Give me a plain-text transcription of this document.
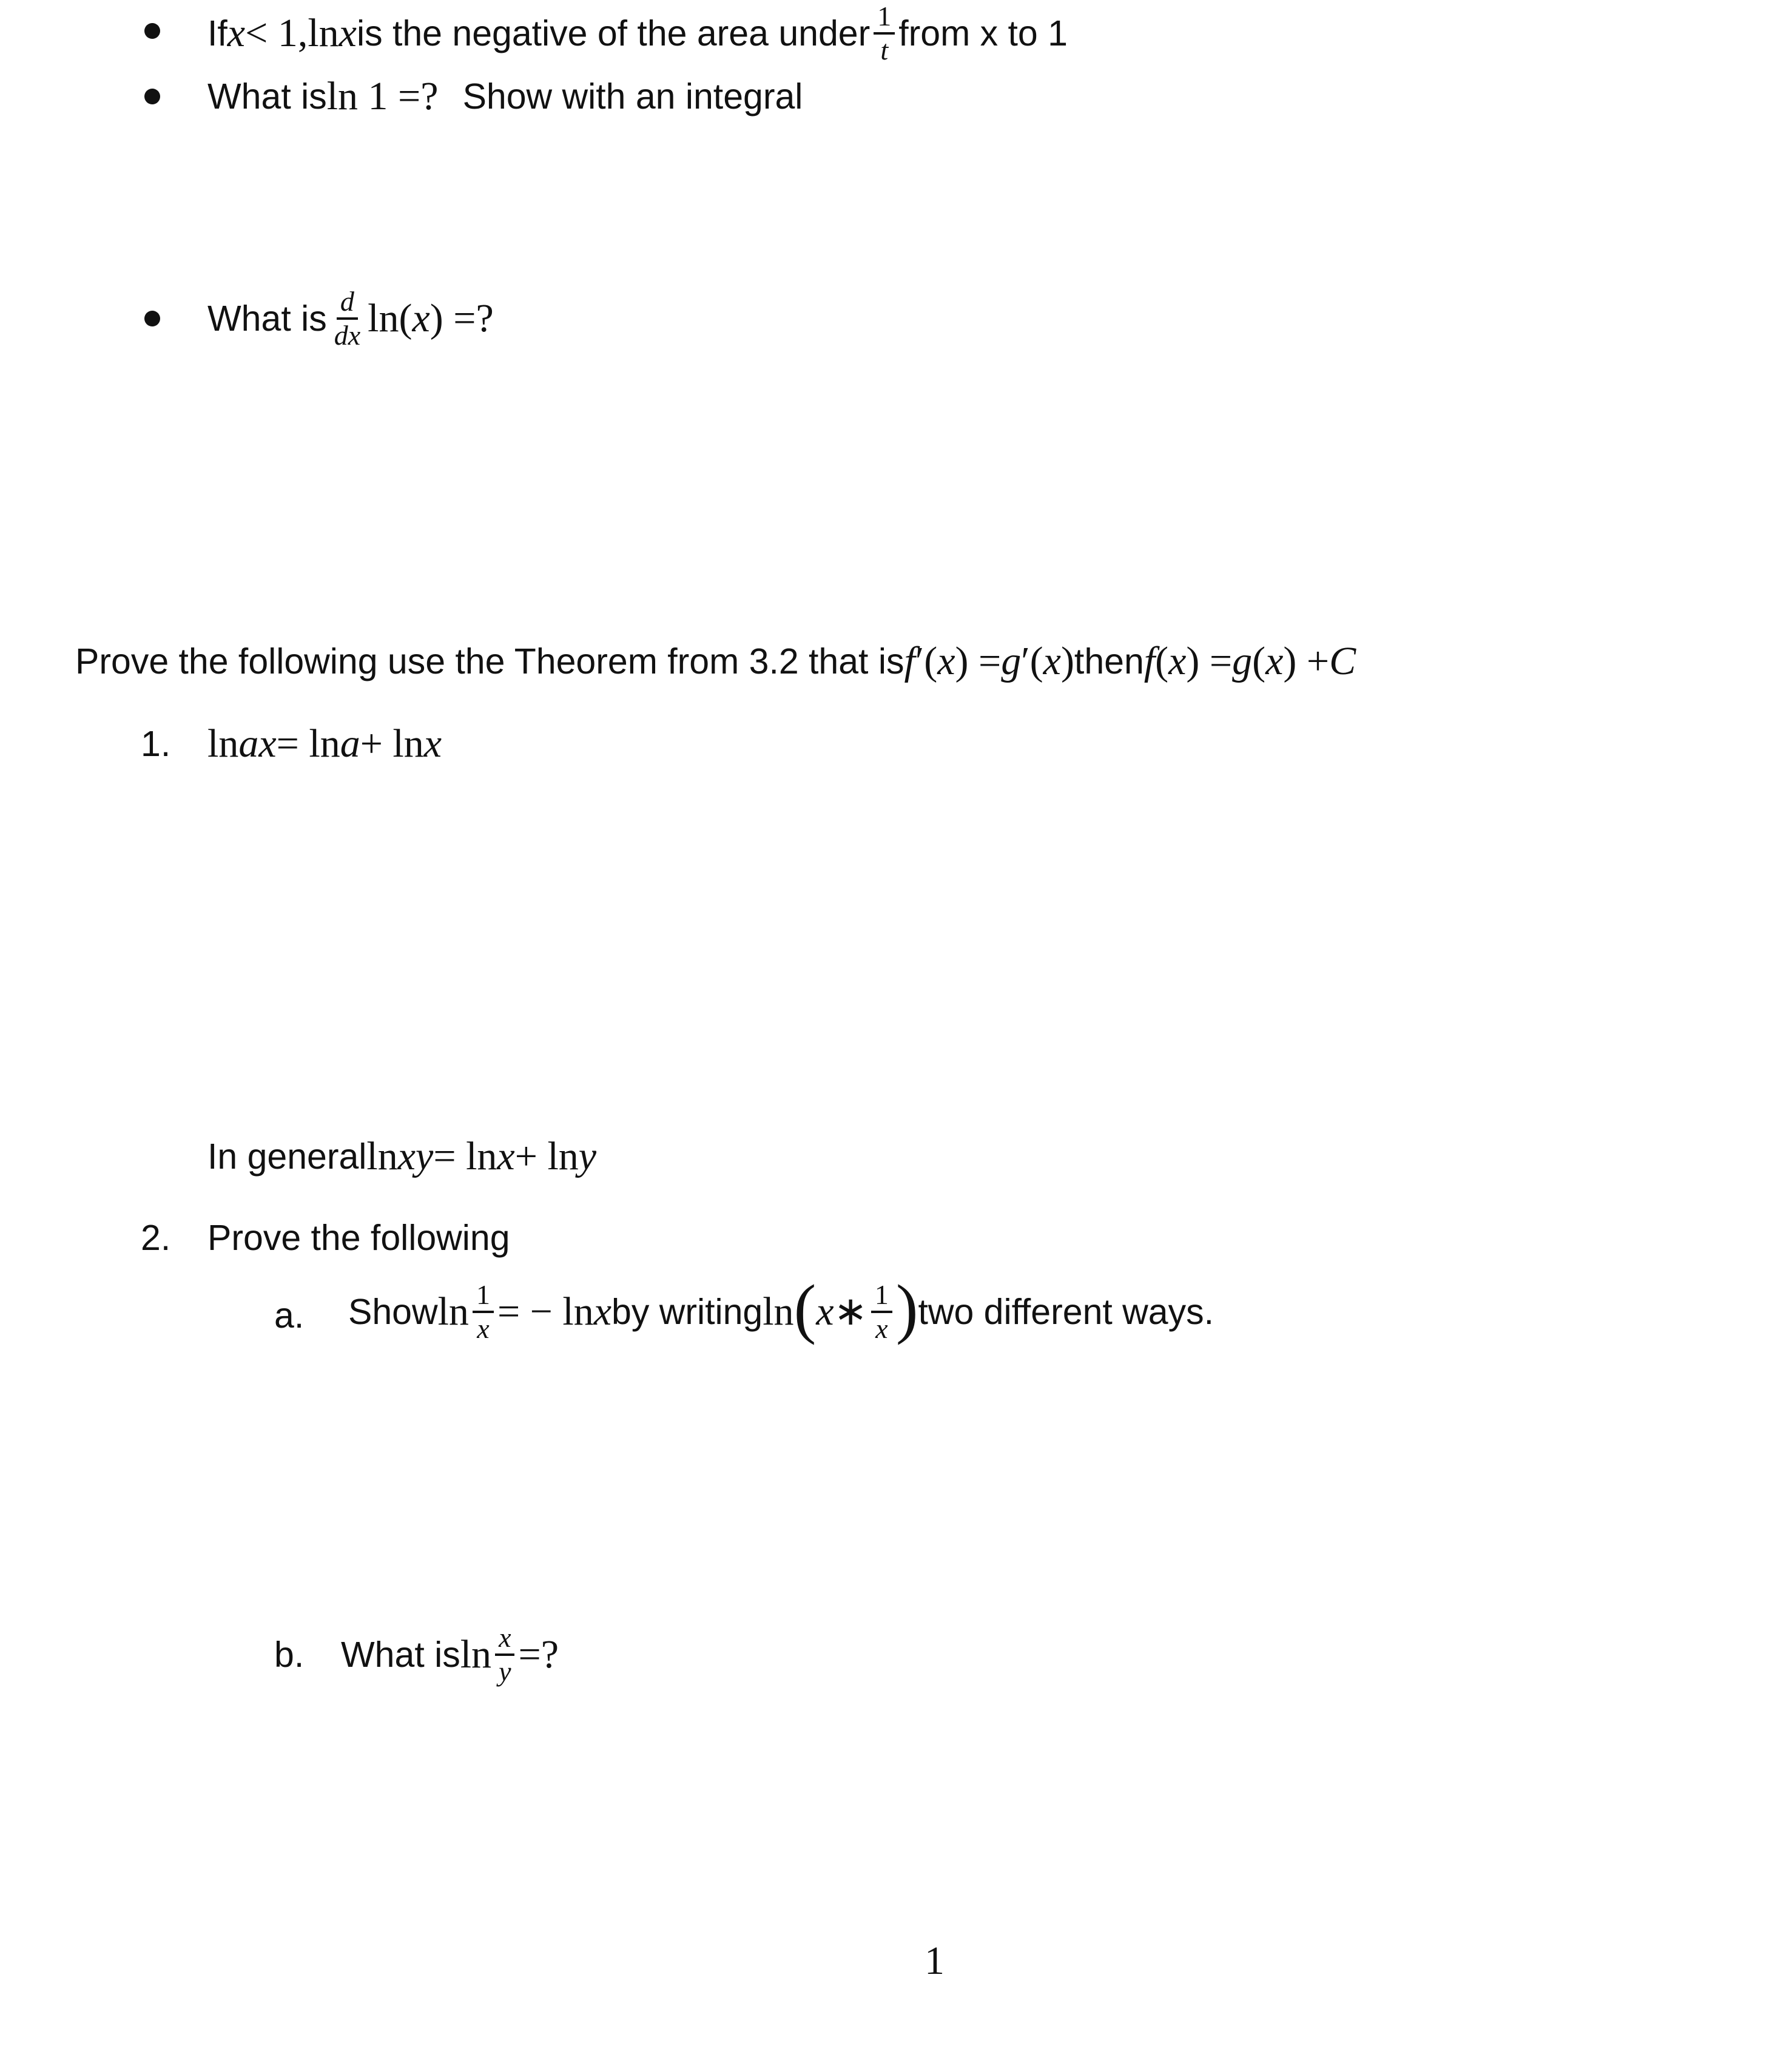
If x < 1, ln x is the negative of the area under $\frac{1}{t}$ from x to 1
What is ln 1 =? Show with an integral
What is $\frac{d}{dx} \ln$( x ) =?
Prove the following use the Theorem from 3.2 that is f ′( x ) = g ′( x ) then f ( x ) = g ( x ) + C
1. ln ax = ln a + ln x
In general ln xy = ln x + ln y
2. Prove the following
a. Show $\ln \frac{1}{x}$ = − ln x by writing ln ( x ∗ $\frac{1}{x}$ ) two different ways.
b. What is $\ln \frac{x}{y}$ =?
1
